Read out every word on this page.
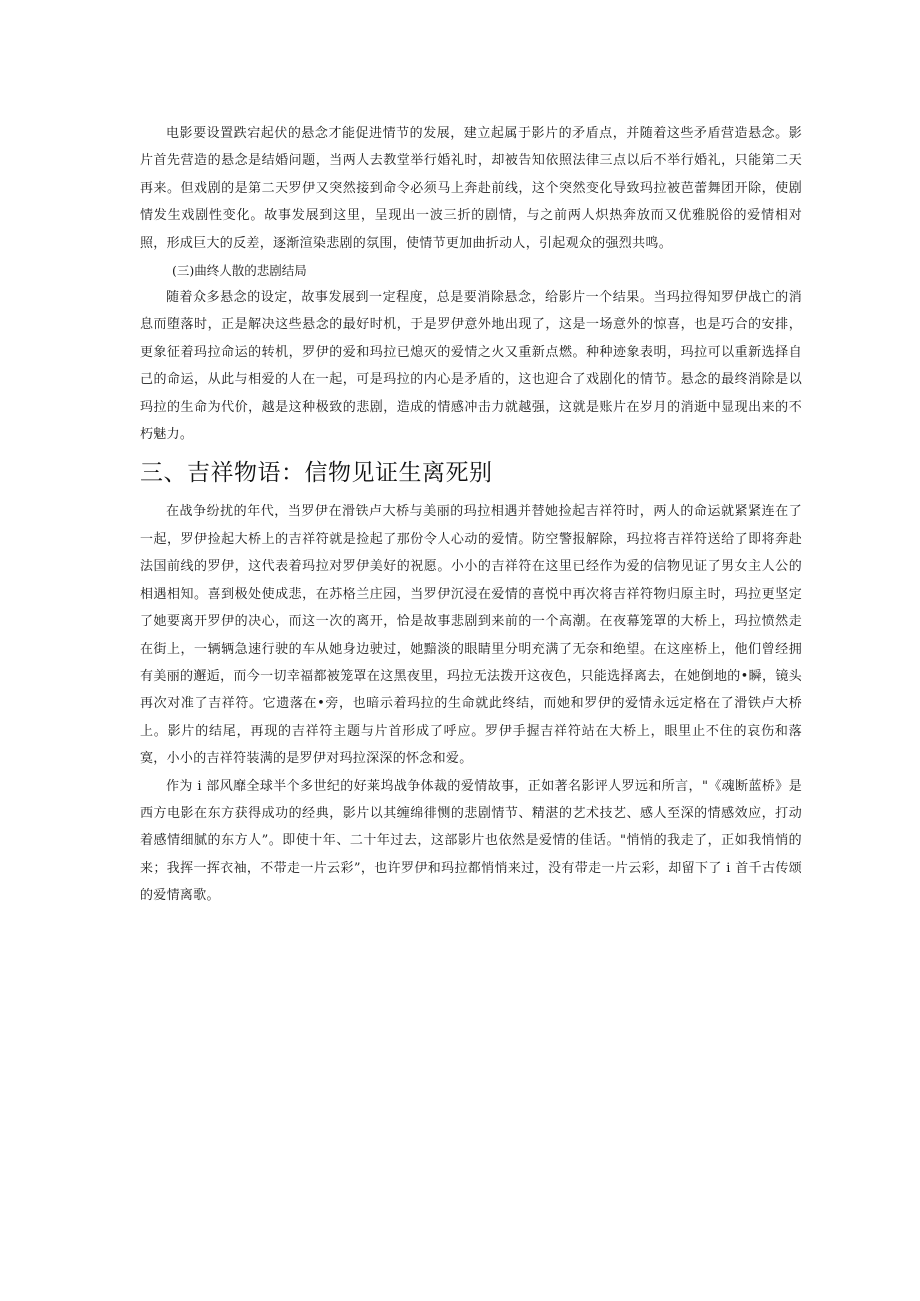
电影要设置跌宕起伏的悬念才能促进情节的发展，建立起属于影片的矛盾点，并随着这些矛盾营造悬念。影片首先营造的悬念是结婚问题，当两人去教堂举行婚礼时，却被告知依照法律三点以后不举行婚礼，只能第二天再来。但戏剧的是第二天罗伊又突然接到命令必须马上奔赴前线，这个突然变化导致玛拉被芭蕾舞团开除，使剧情发生戏剧性变化。故事发展到这里，呈现出一波三折的剧情，与之前两人炽热奔放而又优雅脱俗的爱情相对照，形成巨大的反差，逐渐渲染悲剧的氛围，使情节更加曲折动人，引起观众的强烈共鸣。

(三)曲终人散的悲剧结局

随着众多悬念的设定，故事发展到一定程度，总是要消除悬念，给影片一个结果。当玛拉得知罗伊战亡的消息而堕落时，正是解决这些悬念的最好时机，于是罗伊意外地出现了，这是一场意外的惊喜，也是巧合的安排，更象征着玛拉命运的转机，罗伊的爱和玛拉已熄灭的爱情之火又重新点燃。种种迹象表明，玛拉可以重新选择自己的命运，从此与相爱的人在一起，可是玛拉的内心是矛盾的，这也迎合了戏剧化的情节。悬念的最终消除是以玛拉的生命为代价，越是这种极致的悲剧，造成的情感冲击力就越强，这就是账片在岁月的消逝中显现出来的不朽魅力。

三、吉祥物语：信物见证生离死别

在战争纷扰的年代，当罗伊在滑铁卢大桥与美丽的玛拉相遇并替她捡起吉祥符时，两人的命运就紧紧连在了一起，罗伊捡起大桥上的吉祥符就是捡起了那份令人心动的爱情。防空警报解除，玛拉将吉祥符送给了即将奔赴法国前线的罗伊，这代表着玛拉对罗伊美好的祝愿。小小的吉祥符在这里已经作为爱的信物见证了男女主人公的相遇相知。喜到极处使成悲，在苏格兰庄园，当罗伊沉浸在爱情的喜悦中再次将吉祥符物归原主时，玛拉更坚定了她要离开罗伊的决心，而这一次的离开，恰是故事悲剧到来前的一个高潮。在夜幕笼罩的大桥上，玛拉愤然走在街上，一辆辆急速行驶的车从她身边驶过，她黯淡的眼睛里分明充满了无奈和绝望。在这座桥上，他们曾经拥有美丽的邂逅，而今一切幸福都被笼罩在这黑夜里，玛拉无法拨开这夜色，只能选择离去，在她倒地的•瞬，镜头再次对准了吉祥符。它遗落在•旁，也暗示着玛拉的生命就此终结，而她和罗伊的爱情永远定格在了滑铁卢大桥上。影片的结尾，再现的吉祥符主题与片首形成了呼应。罗伊手握吉祥符站在大桥上，眼里止不住的哀伤和落寞，小小的吉祥符装满的是罗伊对玛拉深深的怀念和爱。

作为 i 部风靡全球半个多世纪的好莱坞战争体裁的爱情故事，正如著名影评人罗远和所言，"《魂断蓝桥》是西方电影在东方获得成功的经典，影片以其缠绵徘恻的悲剧情节、精湛的艺术技艺、感人至深的情感效应，打动着感情细腻的东方人”。即使十年、二十年过去，这部影片也依然是爱情的佳话。"悄悄的我走了，正如我悄悄的来；我挥一挥衣袖，不带走一片云彩”，也许罗伊和玛拉都悄悄来过，没有带走一片云彩，却留下了 i 首千古传颂的爱情离歌。
